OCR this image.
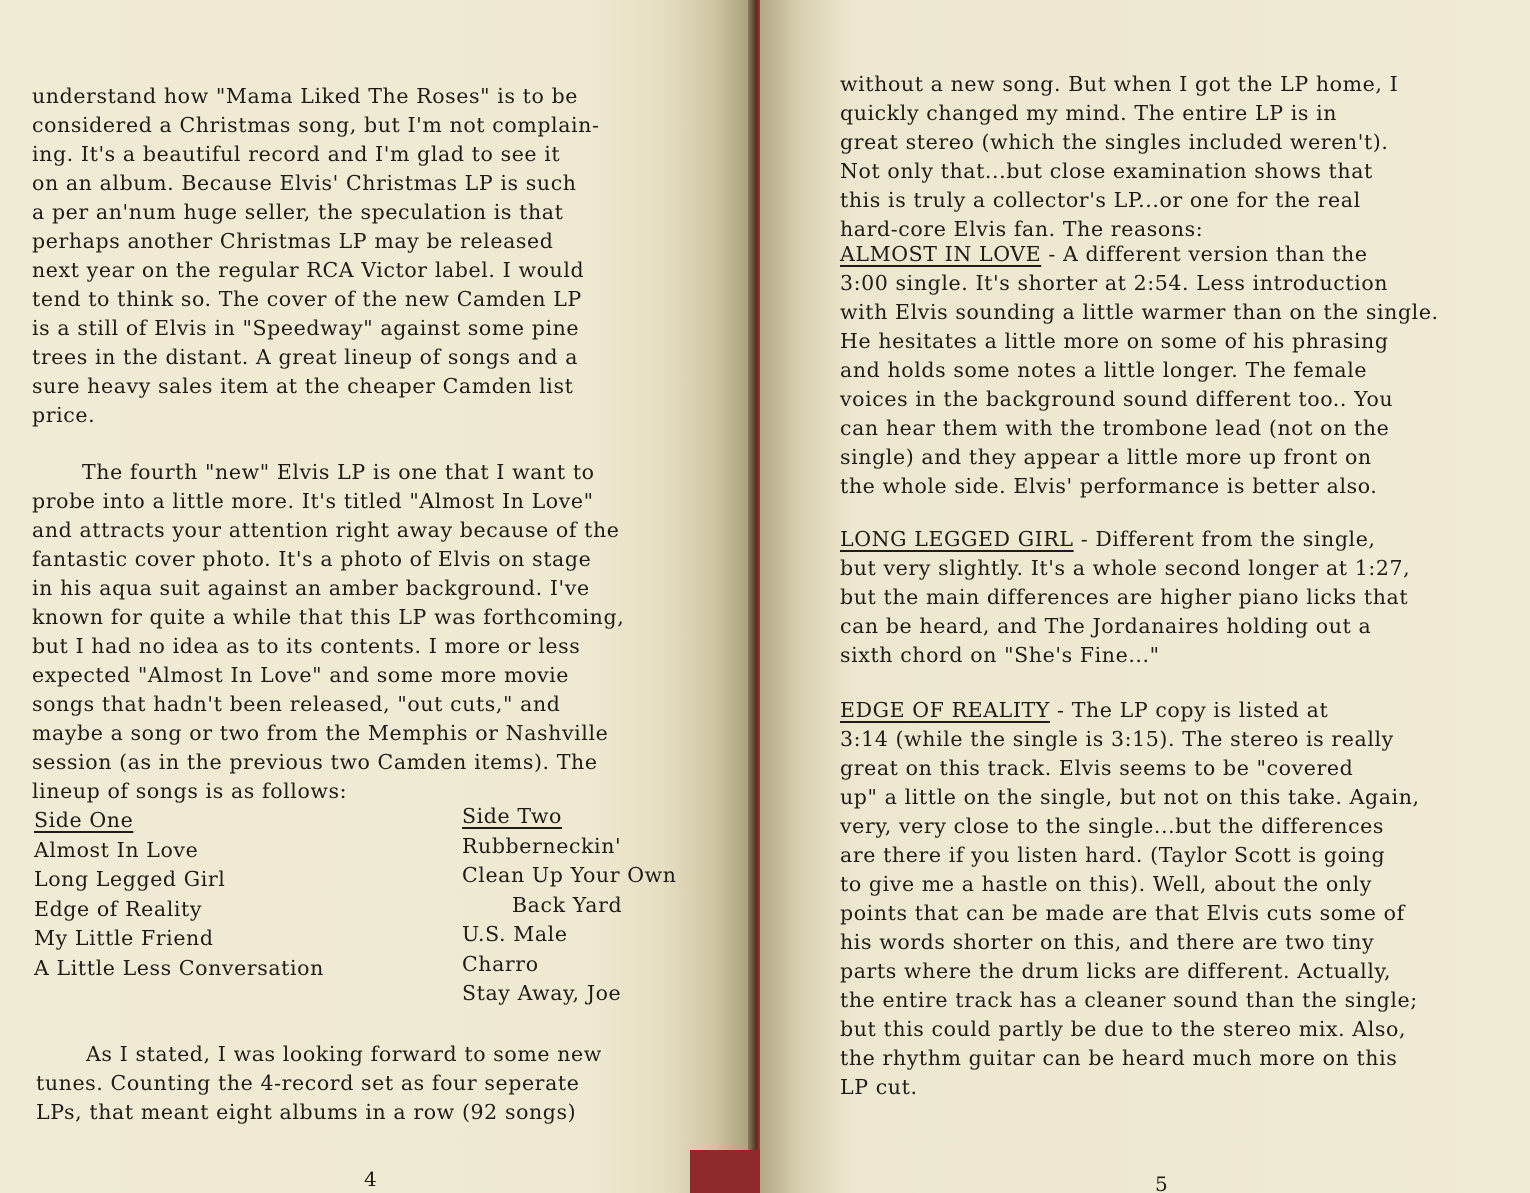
understand how "Mama Liked The Roses" is to be
considered a Christmas song, but I'm not complain-
ing. It's a beautiful record and I'm glad to see it
on an album. Because Elvis' Christmas LP is such
a per an'num huge seller, the speculation is that
perhaps another Christmas LP may be released
next year on the regular RCA Victor label. I would
tend to think so. The cover of the new Camden LP
is a still of Elvis in "Speedway" against some pine
trees in the distant. A great lineup of songs and a
sure heavy sales item at the cheaper Camden list
price.
The fourth "new" Elvis LP is one that I want to
probe into a little more. It's titled "Almost In Love"
and attracts your attention right away because of the
fantastic cover photo. It's a photo of Elvis on stage
in his aqua suit against an amber background. I've
known for quite a while that this LP was forthcoming,
but I had no idea as to its contents. I more or less
expected "Almost In Love" and some more movie
songs that hadn't been released, "out cuts," and
maybe a song or two from the Memphis or Nashville
session (as in the previous two Camden items). The
lineup of songs is as follows:
Side One
Almost In Love
Long Legged Girl
Edge of Reality
My Little Friend
A Little Less Conversation
Side Two
Rubberneckin'
Clean Up Your Own
Back Yard
U.S. Male
Charro
Stay Away, Joe
As I stated, I was looking forward to some new
tunes. Counting the 4-record set as four seperate
LPs, that meant eight albums in a row (92 songs)
4
without a new song. But when I got the LP home, I
quickly changed my mind. The entire LP is in
great stereo (which the singles included weren't).
Not only that...but close examination shows that
this is truly a collector's LP...or one for the real
hard-core Elvis fan. The reasons:
ALMOST IN LOVE - A different version than the
3:00 single. It's shorter at 2:54. Less introduction
with Elvis sounding a little warmer than on the single.
He hesitates a little more on some of his phrasing
and holds some notes a little longer. The female
voices in the background sound different too.. You
can hear them with the trombone lead (not on the
single) and they appear a little more up front on
the whole side. Elvis' performance is better also.
LONG LEGGED GIRL - Different from the single,
but very slightly. It's a whole second longer at 1:27,
but the main differences are higher piano licks that
can be heard, and The Jordanaires holding out a
sixth chord on "She's Fine..."
EDGE OF REALITY - The LP copy is listed at
3:14 (while the single is 3:15). The stereo is really
great on this track. Elvis seems to be "covered
up" a little on the single, but not on this take. Again,
very, very close to the single...but the differences
are there if you listen hard. (Taylor Scott is going
to give me a hastle on this). Well, about the only
points that can be made are that Elvis cuts some of
his words shorter on this, and there are two tiny
parts where the drum licks are different. Actually,
the entire track has a cleaner sound than the single;
but this could partly be due to the stereo mix. Also,
the rhythm guitar can be heard much more on this
LP cut.
5
